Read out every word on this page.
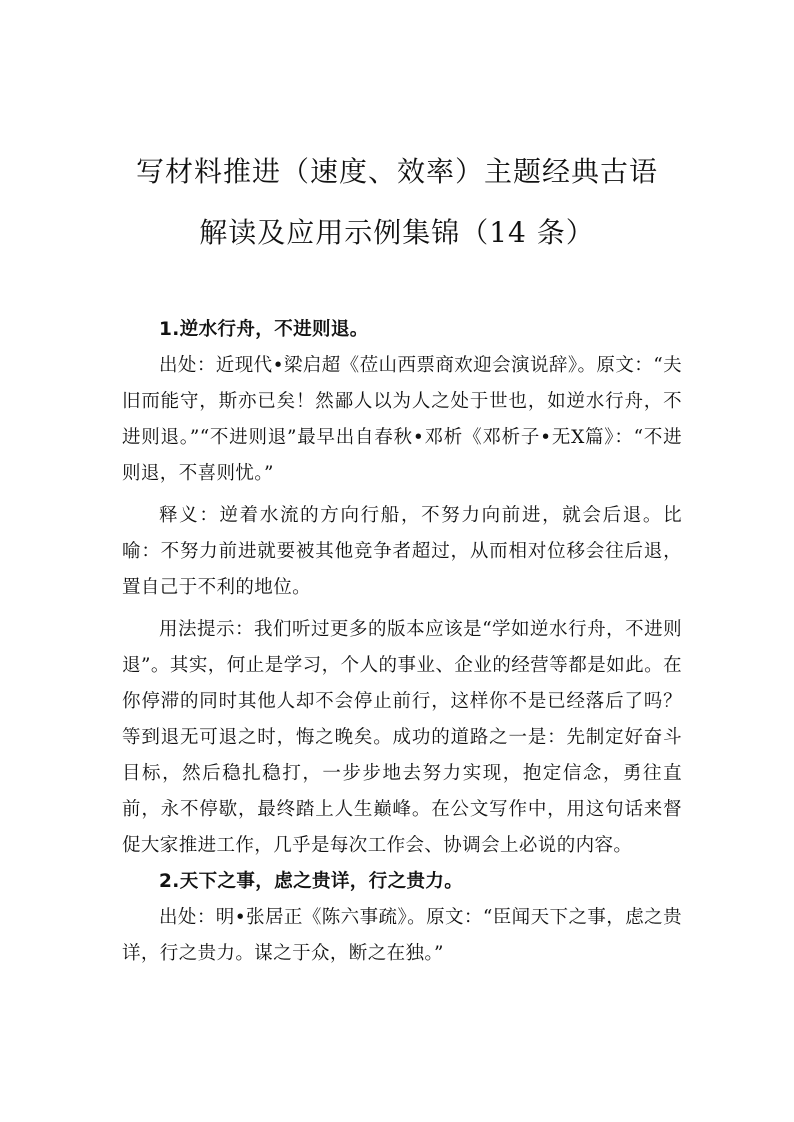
写材料推进（速度、效率）主题经典古语
解读及应用示例集锦（14 条）
1.逆水行舟，不进则退。

出处：近现代•梁启超《莅山西票商欢迎会演说辞》。原文：“夫旧而能守，斯亦已矣！然鄙人以为人之处于世也，如逆水行舟，不进则退。”“不进则退”最早出自春秋•邓析《邓析子•无X篇》：“不进则退，不喜则忧。”

释义：逆着水流的方向行船，不努力向前进，就会后退。比喻：不努力前进就要被其他竞争者超过，从而相对位移会往后退，置自己于不利的地位。

用法提示：我们听过更多的版本应该是“学如逆水行舟，不进则退”。其实，何止是学习，个人的事业、企业的经营等都是如此。在你停滞的同时其他人却不会停止前行，这样你不是已经落后了吗？等到退无可退之时，悔之晚矣。成功的道路之一是：先制定好奋斗目标，然后稳扎稳打，一步步地去努力实现，抱定信念，勇往直前，永不停歇，最终踏上人生巅峰。在公文写作中，用这句话来督促大家推进工作，几乎是每次工作会、协调会上必说的内容。

2.天下之事，虑之贵详，行之贵力。

出处：明•张居正《陈六事疏》。原文：“臣闻天下之事，虑之贵详，行之贵力。谋之于众，断之在独。”
